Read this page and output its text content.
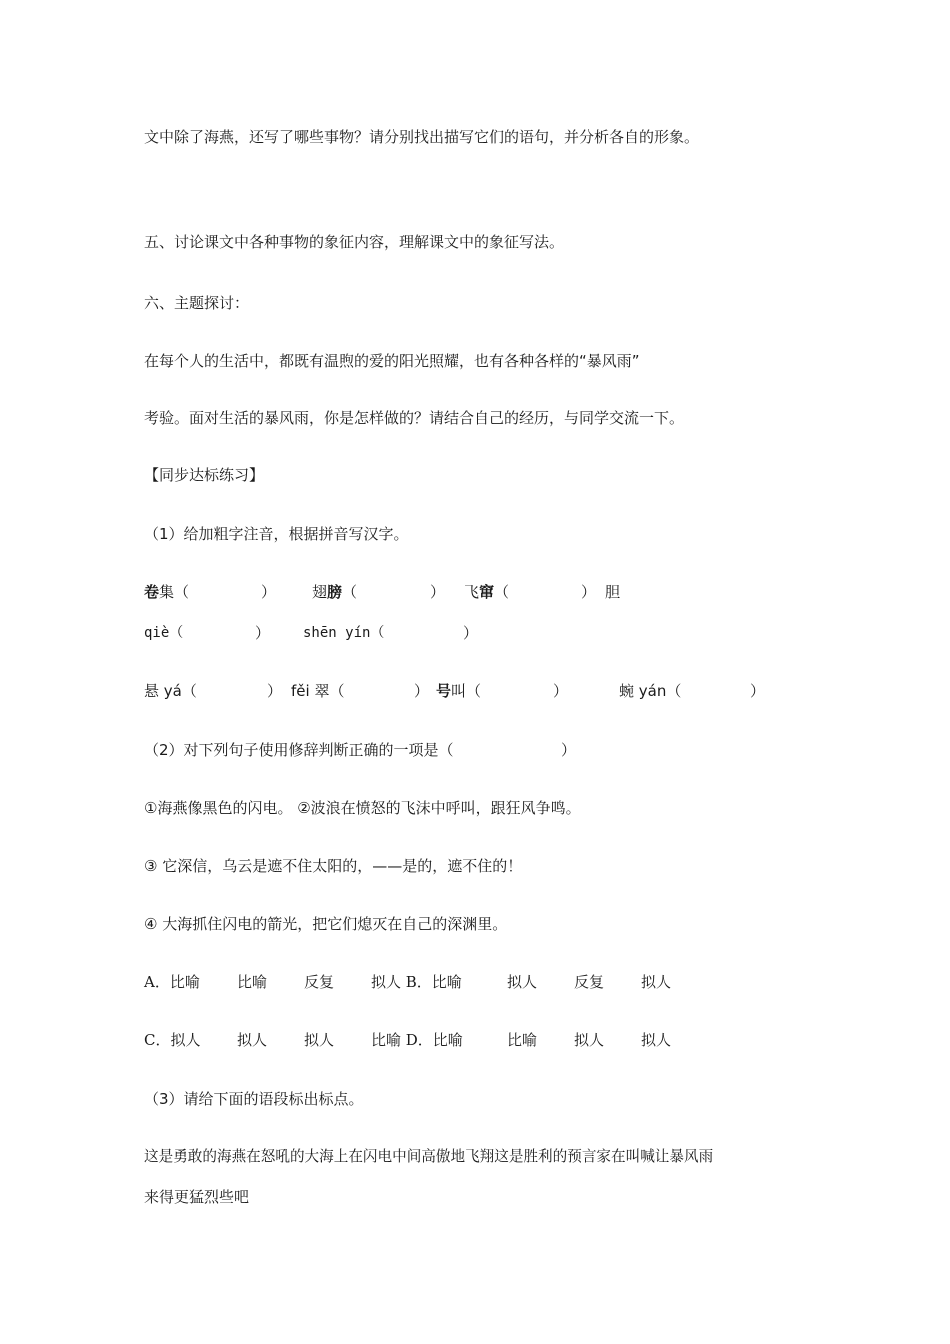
文中除了海燕，还写了哪些事物？请分别找出描写它们的语句，并分析各自的形象。
五、讨论课文中各种事物的象征内容，理解课文中的象征写法。
六、主题探讨：
在每个人的生活中，都既有温煦的爱的阳光照耀，也有各种各样的“暴风雨”
考验。面对生活的暴风雨，你是怎样做的？请结合自己的经历，与同学交流一下。
【同步达标练习】
（1）给加粗字注音，根据拼音写汉字。
卷集（	） 翅膀（	） 飞窜（	） 胆
qiè（	） shēn yín（	）
悬 yá（	） fěi 翠（	） 号叫（	）	蜿 yán（	）
（2）对下列句子使用修辞判断正确的一项是（	）
①海燕像黑色的闪电。 ②波浪在愤怒的飞沫中呼叫，跟狂风争鸣。
③ 它深信，乌云是遮不住太阳的，——是的，遮不住的！
④ 大海抓住闪电的箭光，把它们熄灭在自己的深渊里。
A．比喻 比喻 反复 拟人 B．比喻	拟人 反复 拟人
C．拟人 拟人 拟人 比喻 D．比喻	比喻 拟人 拟人
（3）请给下面的语段标出标点。
这是勇敢的海燕在怒吼的大海上在闪电中间高傲地飞翔这是胜利的预言家在叫喊让暴风雨
来得更猛烈些吧
